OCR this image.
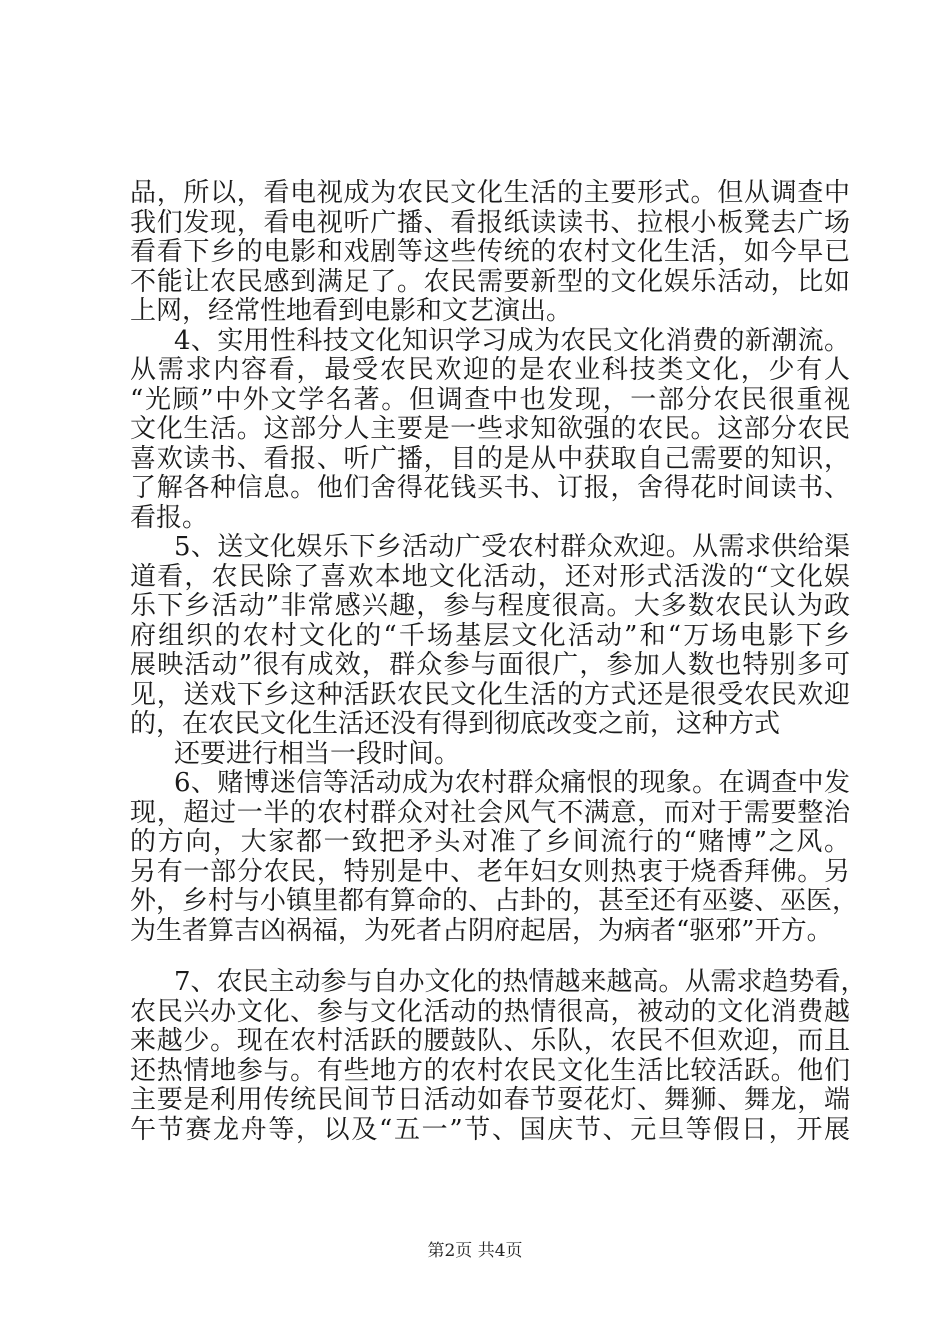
品，所以，看电视成为农民文化生活的主要形式。但从调查中
我们发现，看电视听广播、看报纸读读书、拉根小板凳去广场
看看下乡的电影和戏剧等这些传统的农村文化生活，如今早已
不能让农民感到满足了。农民需要新型的文化娱乐活动，比如
上网，经常性地看到电影和文艺演出。
4、实用性科技文化知识学习成为农民文化消费的新潮流。
从需求内容看，最受农民欢迎的是农业科技类文化，少有人
“光顾”中外文学名著。但调查中也发现，一部分农民很重视
文化生活。这部分人主要是一些求知欲强的农民。这部分农民
喜欢读书、看报、听广播，目的是从中获取自己需要的知识，
了解各种信息。他们舍得花钱买书、订报，舍得花时间读书、
看报。
5、送文化娱乐下乡活动广受农村群众欢迎。从需求供给渠
道看，农民除了喜欢本地文化活动，还对形式活泼的“文化娱
乐下乡活动”非常感兴趣，参与程度很高。大多数农民认为政
府组织的农村文化的“千场基层文化活动”和“万场电影下乡
展映活动”很有成效，群众参与面很广，参加人数也特别多可
见，送戏下乡这种活跃农民文化生活的方式还是很受农民欢迎
的，在农民文化生活还没有得到彻底改变之前，这种方式
还要进行相当一段时间。
6、赌博迷信等活动成为农村群众痛恨的现象。在调查中发
现，超过一半的农村群众对社会风气不满意，而对于需要整治
的方向，大家都一致把矛头对准了乡间流行的“赌博”之风。
另有一部分农民，特别是中、老年妇女则热衷于烧香拜佛。另
外，乡村与小镇里都有算命的、占卦的，甚至还有巫婆、巫医，
为生者算吉凶祸福，为死者占阴府起居，为病者“驱邪”开方。
7、农民主动参与自办文化的热情越来越高。从需求趋势看，
农民兴办文化、参与文化活动的热情很高，被动的文化消费越
来越少。现在农村活跃的腰鼓队、乐队，农民不但欢迎，而且
还热情地参与。有些地方的农村农民文化生活比较活跃。他们
主要是利用传统民间节日活动如春节耍花灯、舞狮、舞龙，端
午节赛龙舟等，以及“五一”节、国庆节、元旦等假日，开展
第2页 共4页
